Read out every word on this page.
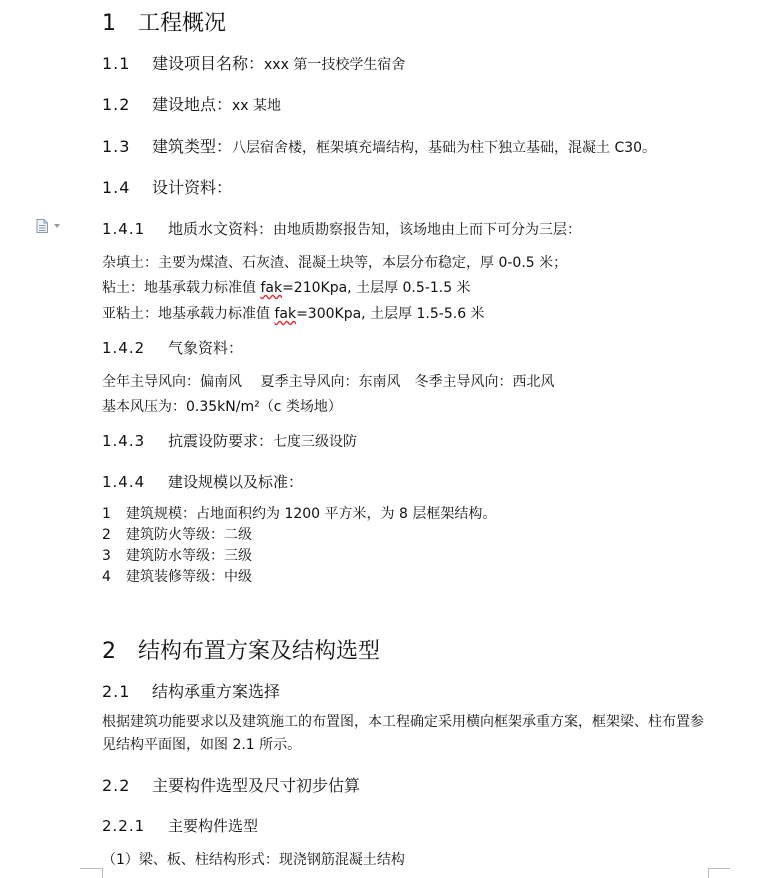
1 工程概况
1.1 建设项目名称：xxx 第一技校学生宿舍
1.2 建设地点：xx 某地
1.3 建筑类型：八层宿舍楼，框架填充墙结构，基础为柱下独立基础，混凝土 C30。
1.4 设计资料：
1.4.1 地质水文资料：由地质勘察报告知，该场地由上而下可分为三层：
杂填土：主要为煤渣、石灰渣、混凝土块等，本层分布稳定，厚 0-0.5 米；
粘土：地基承载力标准值 fak=210Kpa, 土层厚 0.5-1.5 米
亚粘土：地基承载力标准值 fak=300Kpa, 土层厚 1.5-5.6 米
1.4.2 气象资料：
全年主导风向：偏南风　 夏季主导风向：东南风　冬季主导风向：西北风
基本风压为：0.35kN/m²（c 类场地）
1.4.3 抗震设防要求：七度三级设防
1.4.4 建设规模以及标准：
1 建筑规模：占地面积约为 1200 平方米，为 8 层框架结构。
2 建筑防火等级：二级
3 建筑防水等级：三级
4 建筑装修等级：中级
2 结构布置方案及结构选型
2.1 结构承重方案选择
根据建筑功能要求以及建筑施工的布置图，本工程确定采用横向框架承重方案，框架梁、柱布置参见结构平面图，如图 2.1 所示。
2.2 主要构件选型及尺寸初步估算
2.2.1 主要构件选型
（1）梁、板、柱结构形式：现浇钢筋混凝土结构
